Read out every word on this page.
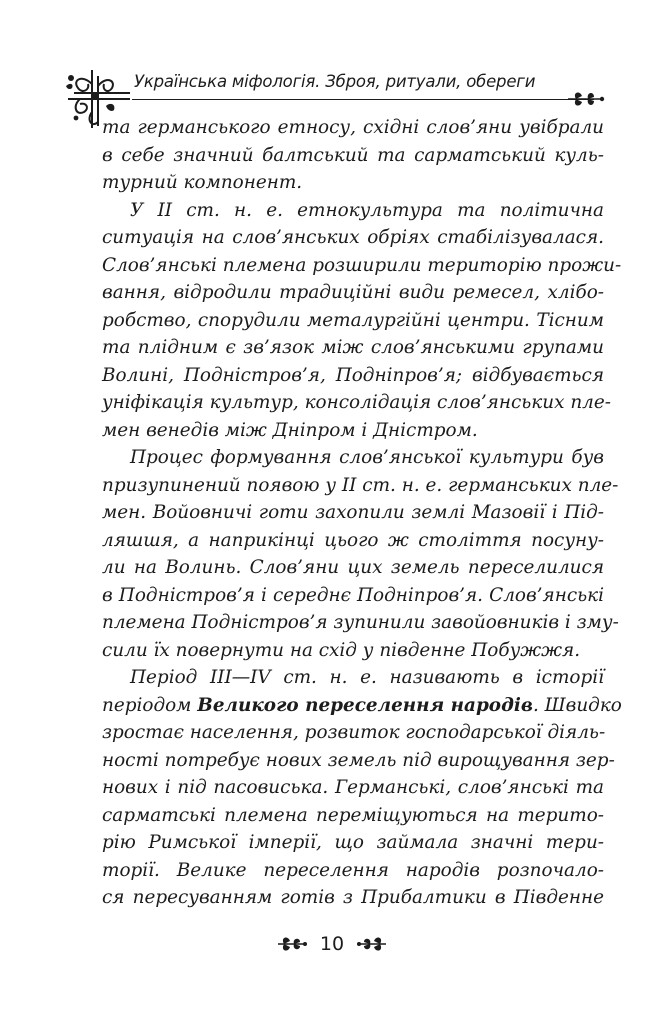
Українська міфологія. Зброя, ритуали, обереги
та германського етносу, східні слов’яни увібрали
в себе значний балтський та сарматський куль-
турний компонент.
У II ст. н. е. етнокультура та політична
ситуація на слов’янських обріях стабілізувалася.
Слов’янські племена розширили територію прожи-
вання, відродили традиційні види ремесел, хлібо-
робство, спорудили металургійні центри. Тісним
та плідним є зв’язок між слов’янськими групами
Волині, Подністров’я, Подніпров’я; відбувається
уніфікація культур, консолідація слов’янських пле-
мен венедів між Дніпром і Дністром.
Процес формування слов’янської культури був
призупинений появою у II ст. н. е. германських пле-
мен. Войовничі готи захопили землі Мазовії і Під-
ляшшя, а наприкінці цього ж століття посуну-
ли на Волинь. Слов’яни цих земель переселилися
в Подністров’я і середнє Подніпров’я. Слов’янські
племена Подністров’я зупинили завойовників і зму-
сили їх повернути на схід у південне Побужжя.
Період III—IV ст. н. е. називають в історії
періодом Великого переселення народів. Швидко
зростає населення, розвиток господарської діяль-
ності потребує нових земель під вирощування зер-
нових і під пасовиська. Германські, слов’янські та
сарматські племена переміщуються на терито-
рію Римської імперії, що займала значні тери-
торії. Велике переселення народів розпочало-
ся пересуванням готів з Прибалтики в Південне
10
